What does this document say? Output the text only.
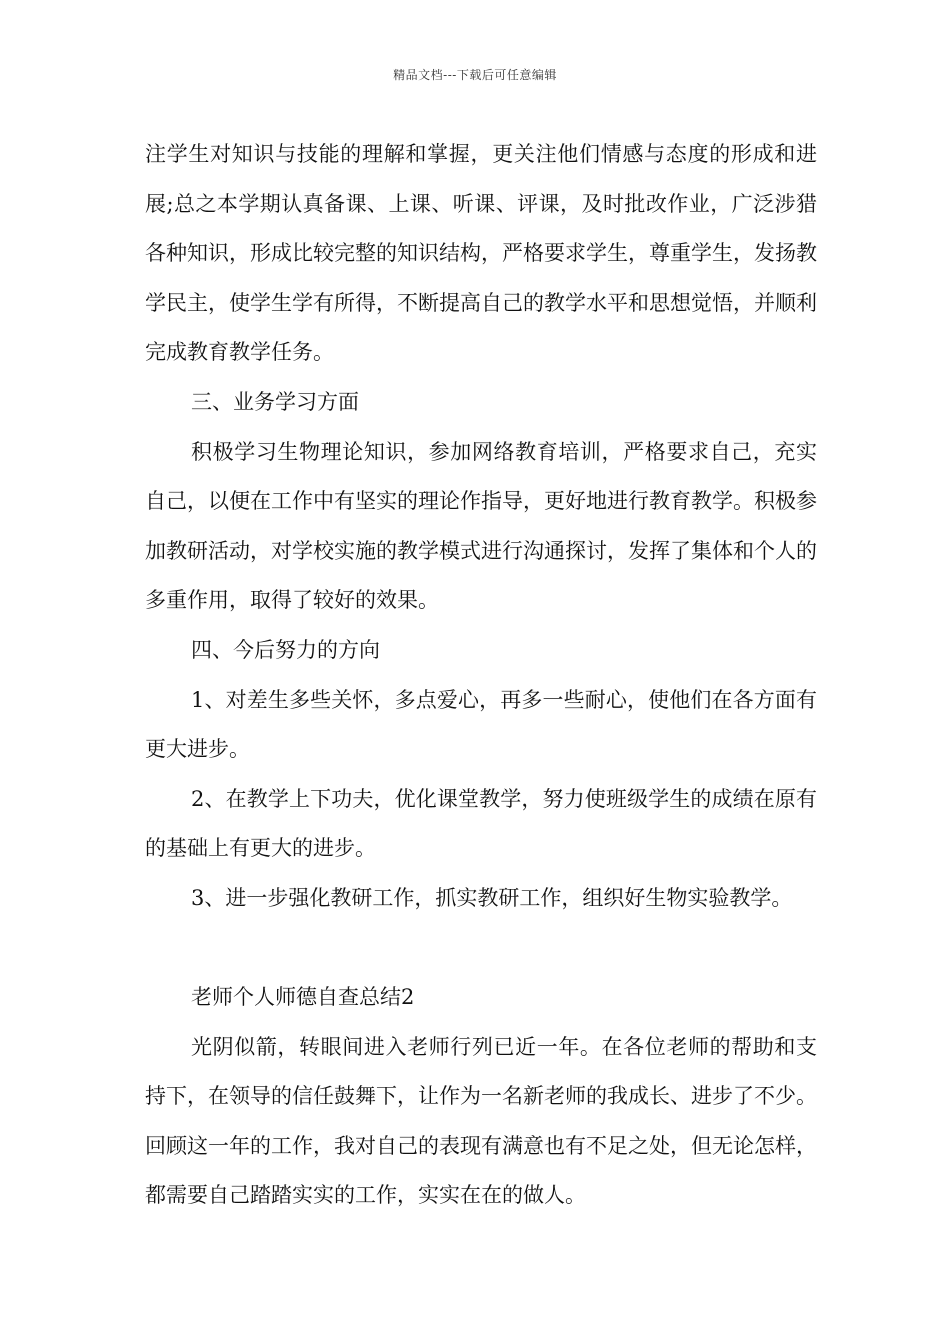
精品文档---下载后可任意编辑

注学生对知识与技能的理解和掌握，更关注他们情感与态度的形成和进展;总之本学期认真备课、上课、听课、评课，及时批改作业，广泛涉猎各种知识，形成比较完整的知识结构，严格要求学生，尊重学生，发扬教学民主，使学生学有所得，不断提高自己的教学水平和思想觉悟，并顺利完成教育教学任务。

三、业务学习方面

积极学习生物理论知识，参加网络教育培训，严格要求自己，充实自己，以便在工作中有坚实的理论作指导，更好地进行教育教学。积极参加教研活动，对学校实施的教学模式进行沟通探讨，发挥了集体和个人的多重作用，取得了较好的效果。

四、今后努力的方向

1、对差生多些关怀，多点爱心，再多一些耐心，使他们在各方面有更大进步。

2、在教学上下功夫，优化课堂教学，努力使班级学生的成绩在原有的基础上有更大的进步。

3、进一步强化教研工作，抓实教研工作，组织好生物实验教学。

老师个人师德自查总结2

光阴似箭，转眼间进入老师行列已近一年。在各位老师的帮助和支持下，在领导的信任鼓舞下，让作为一名新老师的我成长、进步了不少。回顾这一年的工作，我对自己的表现有满意也有不足之处，但无论怎样，都需要自己踏踏实实的工作，实实在在的做人。
